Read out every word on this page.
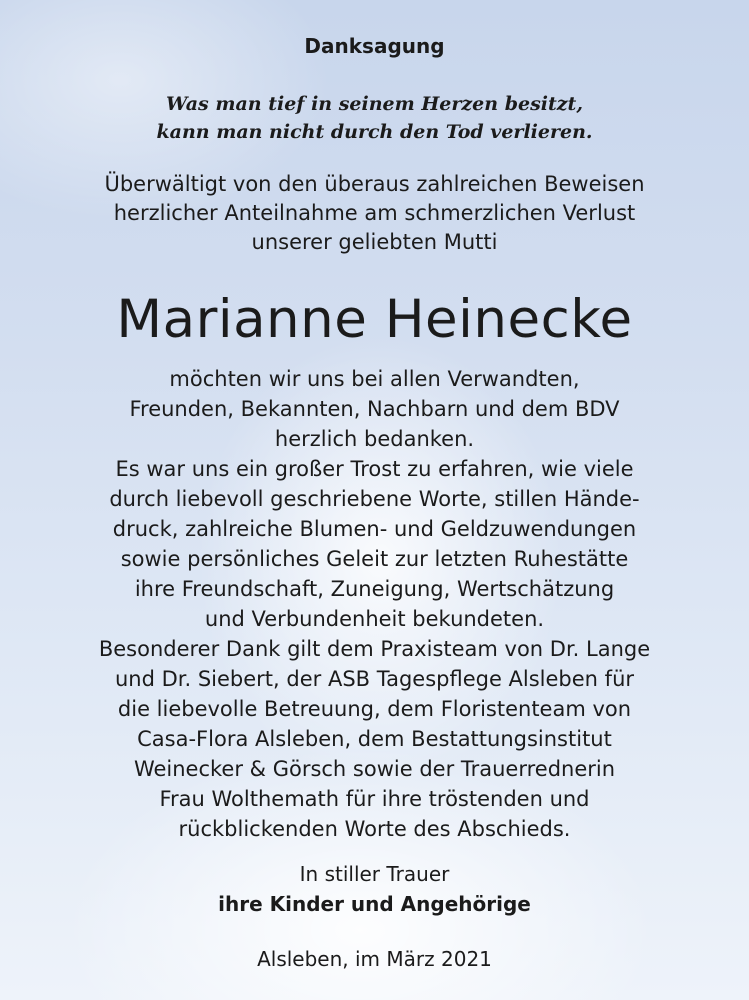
Danksagung
Was man tief in seinem Herzen besitzt,
kann man nicht durch den Tod verlieren.
Überwältigt von den überaus zahlreichen Beweisen
herzlicher Anteilnahme am schmerzlichen Verlust
unserer geliebten Mutti
Marianne Heinecke
möchten wir uns bei allen Verwandten,
Freunden, Bekannten, Nachbarn und dem BDV
herzlich bedanken.
Es war uns ein großer Trost zu erfahren, wie viele
durch liebevoll geschriebene Worte, stillen Hände-
druck, zahlreiche Blumen- und Geldzuwendungen
sowie persönliches Geleit zur letzten Ruhestätte
ihre Freundschaft, Zuneigung, Wertschätzung
und Verbundenheit bekundeten.
Besonderer Dank gilt dem Praxisteam von Dr. Lange
und Dr. Siebert, der ASB Tagespflege Alsleben für
die liebevolle Betreuung, dem Floristenteam von
Casa-Flora Alsleben, dem Bestattungsinstitut
Weinecker & Görsch sowie der Trauerrednerin
Frau Wolthemath für ihre tröstenden und
rückblickenden Worte des Abschieds.
In stiller Trauer
ihre Kinder und Angehörige
Alsleben, im März 2021
